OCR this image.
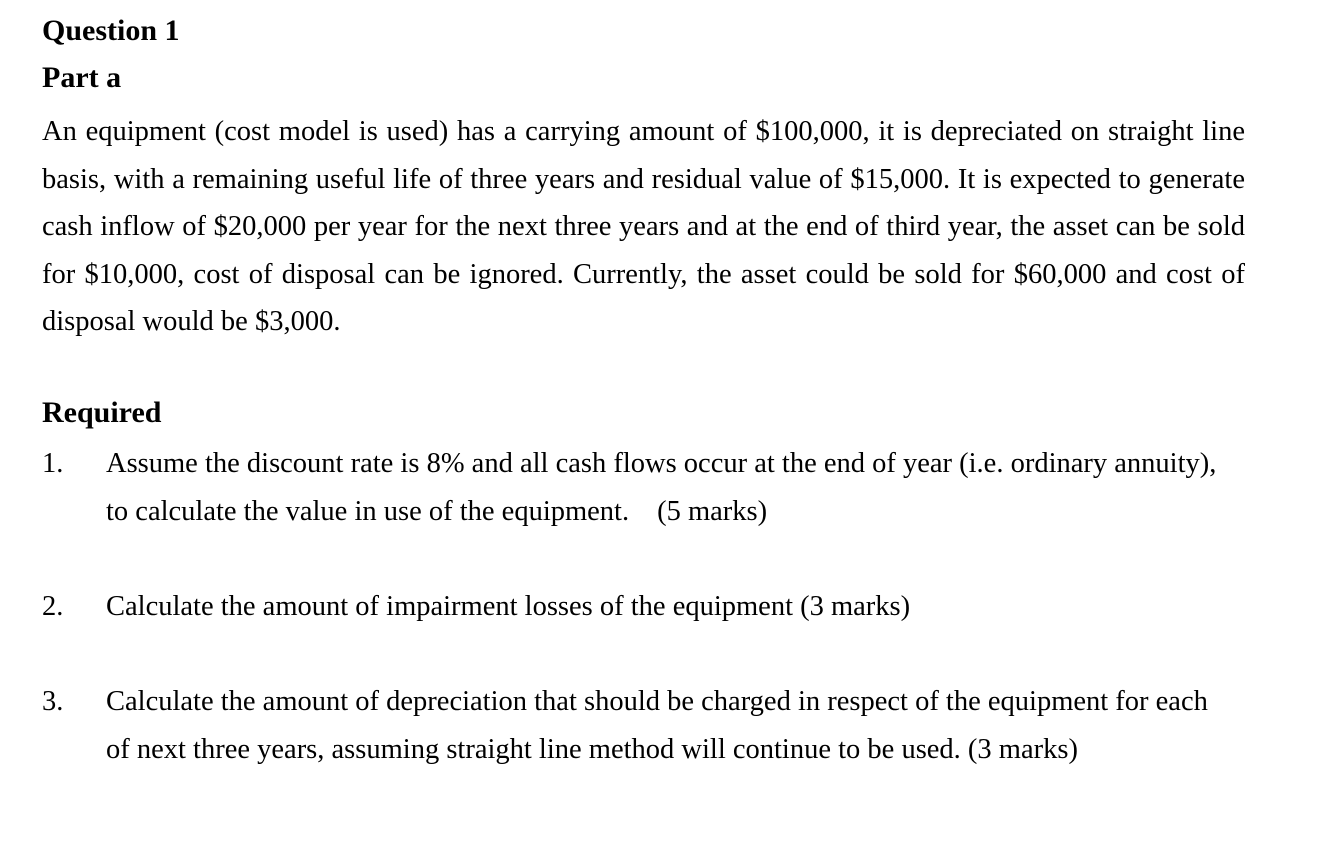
Question 1
Part a

An equipment (cost model is used) has a carrying amount of $100,000, it is depreciated on straight line basis, with a remaining useful life of three years and residual value of $15,000. It is expected to generate cash inflow of $20,000 per year for the next three years and at the end of third year, the asset can be sold for $10,000, cost of disposal can be ignored. Currently, the asset could be sold for $60,000 and cost of disposal would be $3,000.

Required
1.	Assume the discount rate is 8% and all cash flows occur at the end of year (i.e. ordinary annuity), to calculate the value in use of the equipment. (5 marks)
2.	Calculate the amount of impairment losses of the equipment (3 marks)
3.	Calculate the amount of depreciation that should be charged in respect of the equipment for each of next three years, assuming straight line method will continue to be used. (3 marks)
